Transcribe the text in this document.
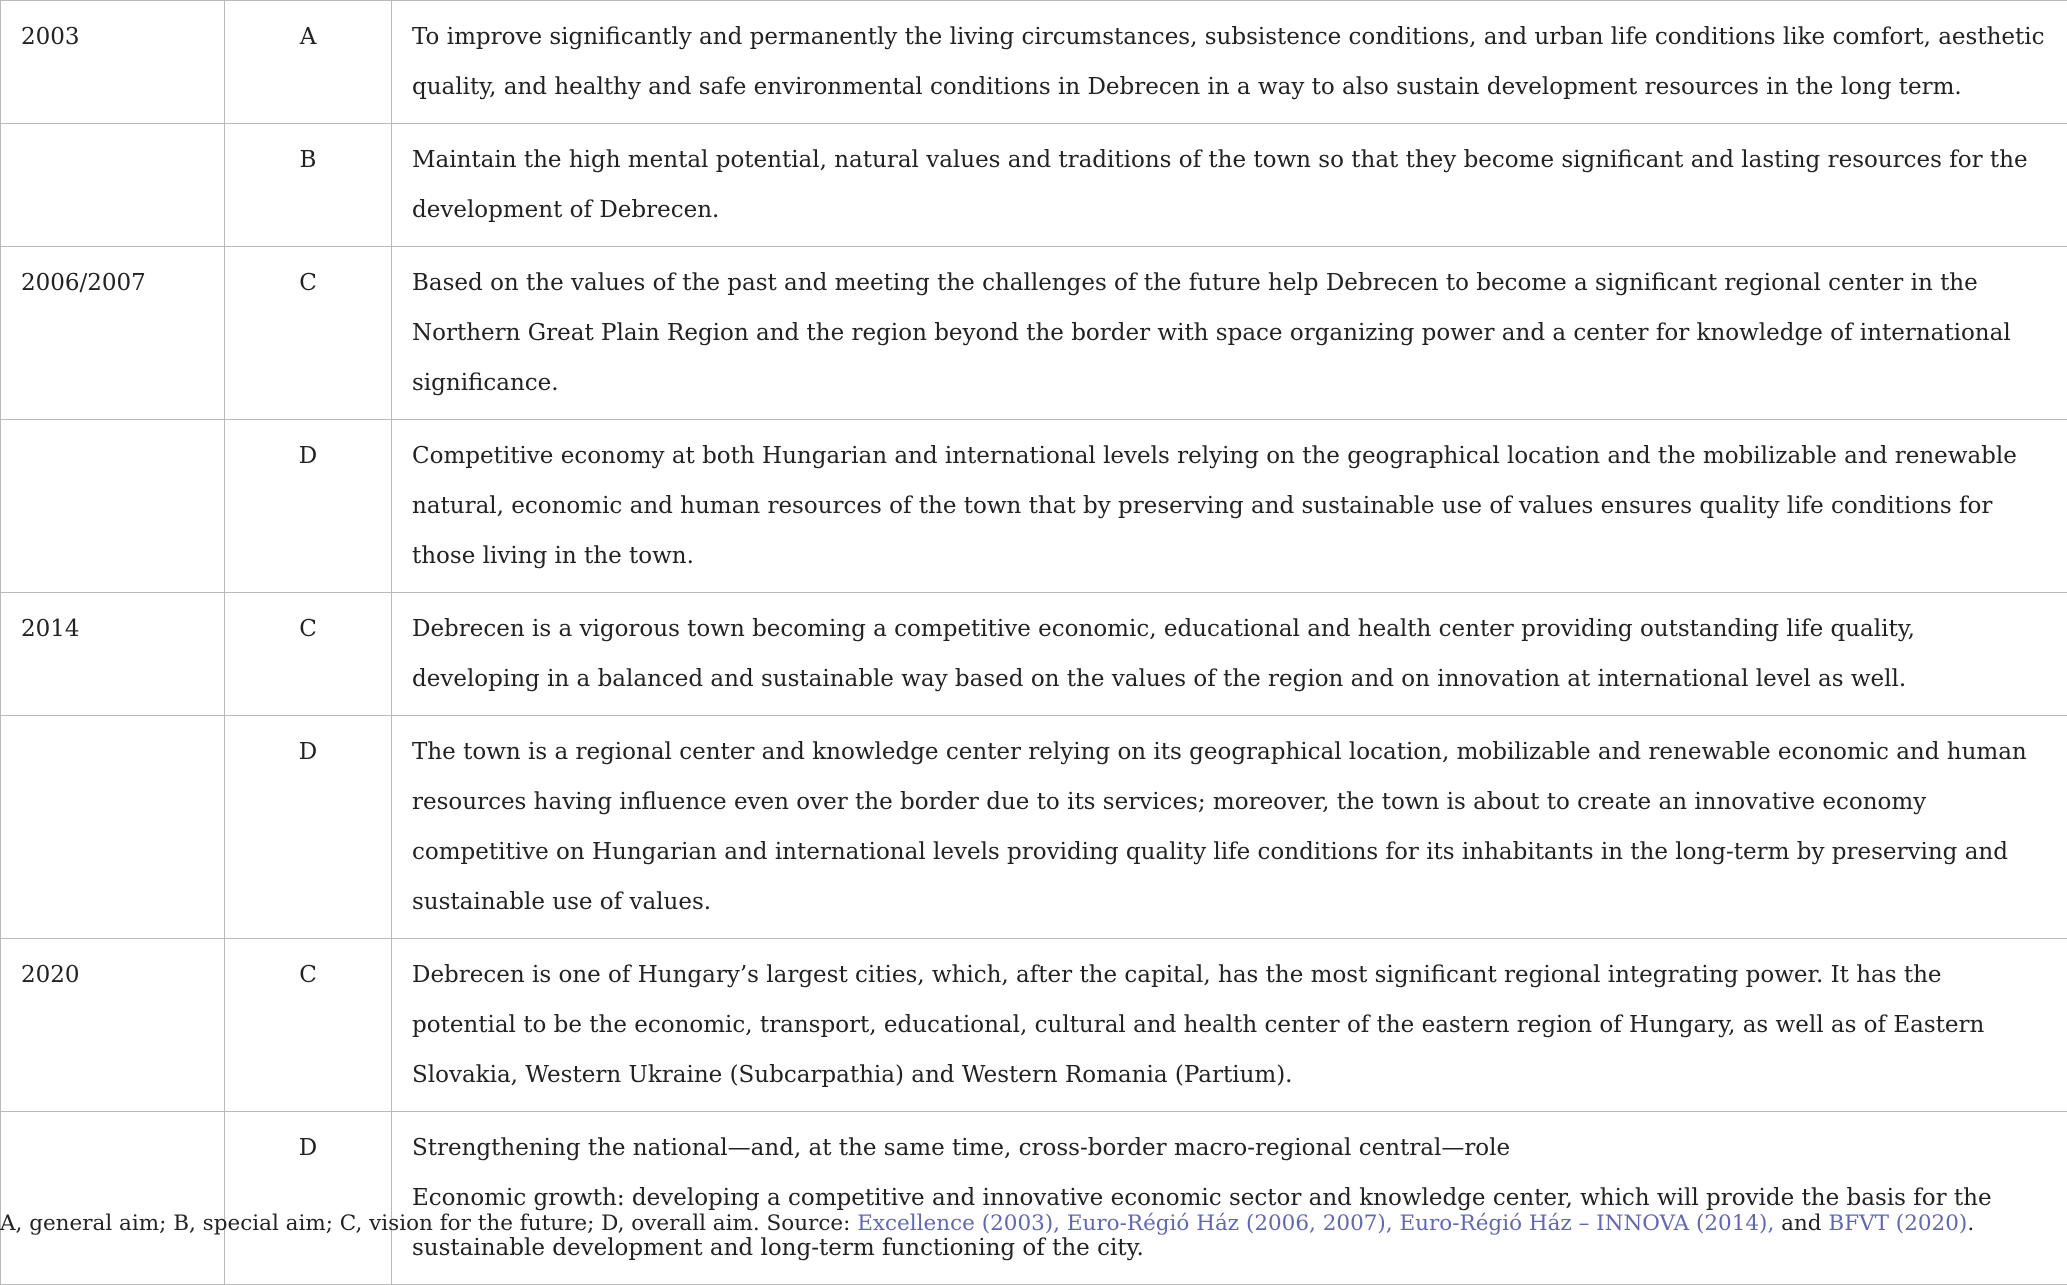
2003	A	To improve significantly and permanently the living circumstances, subsistence conditions, and urban life conditions like comfort, aesthetic quality, and healthy and safe environmental conditions in Debrecen in a way to also sustain development resources in the long term.

	B	Maintain the high mental potential, natural values and traditions of the town so that they become significant and lasting resources for the development of Debrecen.

2006/2007	C	Based on the values of the past and meeting the challenges of the future help Debrecen to become a significant regional center in the Northern Great Plain Region and the region beyond the border with space organizing power and a center for knowledge of international significance.

	D	Competitive economy at both Hungarian and international levels relying on the geographical location and the mobilizable and renewable natural, economic and human resources of the town that by preserving and sustainable use of values ensures quality life conditions for those living in the town.

2014	C	Debrecen is a vigorous town becoming a competitive economic, educational and health center providing outstanding life quality, developing in a balanced and sustainable way based on the values of the region and on innovation at international level as well.

	D	The town is a regional center and knowledge center relying on its geographical location, mobilizable and renewable economic and human resources having influence even over the border due to its services; moreover, the town is about to create an innovative economy competitive on Hungarian and international levels providing quality life conditions for its inhabitants in the long-term by preserving and sustainable use of values.

2020	C	Debrecen is one of Hungary’s largest cities, which, after the capital, has the most significant regional integrating power. It has the potential to be the economic, transport, educational, cultural and health center of the eastern region of Hungary, as well as of Eastern Slovakia, Western Ukraine (Subcarpathia) and Western Romania (Partium).

	D	Strengthening the national—and, at the same time, cross-border macro-regional central—role
Economic growth: developing a competitive and innovative economic sector and knowledge center, which will provide the basis for the sustainable development and long-term functioning of the city.
A, general aim; B, special aim; C, vision for the future; D, overall aim. Source: Excellence (2003), Euro-Régió Ház (2006, 2007), Euro-Régió Ház – INNOVA (2014), and BFVT (2020).
